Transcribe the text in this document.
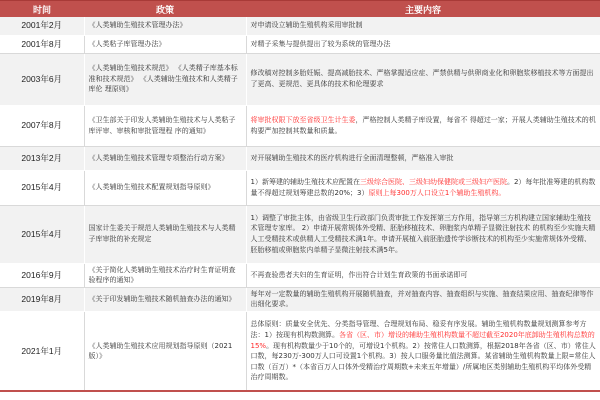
时间	政策	主要内容
2001年2月	《人类辅助生殖技术管理办法》	对申请设立辅助生殖机构采用审批制
2001年8月	《人类粘子库管理办法》	对精子采集与提供提出了较为系统的管理办法
2003年6月	《人类辅助生殖技术规范》 《人类精子库基本标准和技术规范》 《人类辅助生殖技术和人类精子库伦 理原则》	修改稿对控制多胎妊娠、提高减胎技术、严格掌握适应症、严禁供精与供卵商业化和卵胞浆移植技术等方面提出了更高、更规范、更具体的技术和伦理要求
2007年8月	《卫生部关于印发人类辅助生殖技术与人类粘子库评审、审核和审批管理程 序的通知》	将审批权限下放至省级卫生计生委，严格控制人类精子库设置，每省不 得超过一家；开展人类辅助生殖技术的机构要严加控制其数量和质量。
2013年2月	《人类辅助生殖技术管理专项整治行动方案》	对开展辅助生殖技术的医疗机构进行全面清理整顿，严格准入审批
2015年4月	《人类辅助生殖技术配置规划指导原则》	1）新筹建的辅助生殖技术应配置在三级综合医院、三级妇幼保健院或三级妇产医院。2）每年批准筹建的机构数量不得超过规划筹建总数的20%；3）原则上每300万人口设立1个辅助生殖机构。
2015年4月	国家计生委关于规范人类辅助生殖技术与人类精子库审批的补充规定	1）调整了审批主体，由省级卫生行政部门负责审批工作发挥第三方作用，指导第三方机构建立国家辅助生殖技术管理专家库。 2）申请开展常规体外受精、胚胎移植技术、卵胞浆内单精子显微注射技术 的机构至少实施夫精人工受精技术或供精人工受精技术满1年。申请开展植入前胚胎遗传学诊断技术的机构至少实施常规体外受精、胚胎移植或卵胞浆内单精子显微注射技术满5年。
2016年9月	《关于简化人类辅助生殖技术治疗时生育证明查验程序的通知》	不再查验患者夫妇的生育证明，作出符合计划生育政策的书面承诺即可
2019年8月	《关于印发辅助生殖技术随机抽查办法的通知》	每年对一定数量的辅助生殖机构开展随机抽查，并对抽查内容、抽查组织与实施、抽查结果应用、抽查纪律等作出细化要求。
2021年1月	《人类辅助生殖技术应用规划指导原则（2021版）》	总体原则：质量安全优先、分类指导管理、合理规划布局、稳妥有序发展。辅助生殖机构数量规划测算参考方法：1）按现有机构数测算。各省（区、市）增设的辅助生殖机构数量不超过截至2020年底卸助生殖机构总数的15%。现有机构数量少于10个的，可增设1个机构。2）按常住人口数测算，根据2018年各省（区、市）常住人口数，每230万-300万人口可设置1个机构。3）按人口服务量比值法测算。某省辅助生殖机构数量上限=常住人口数（百万）*（本省百万人口体外受精治疗周期数+未来五年增量）/所属地区类别辅助生殖机构平均体外受精治疗周期数。
